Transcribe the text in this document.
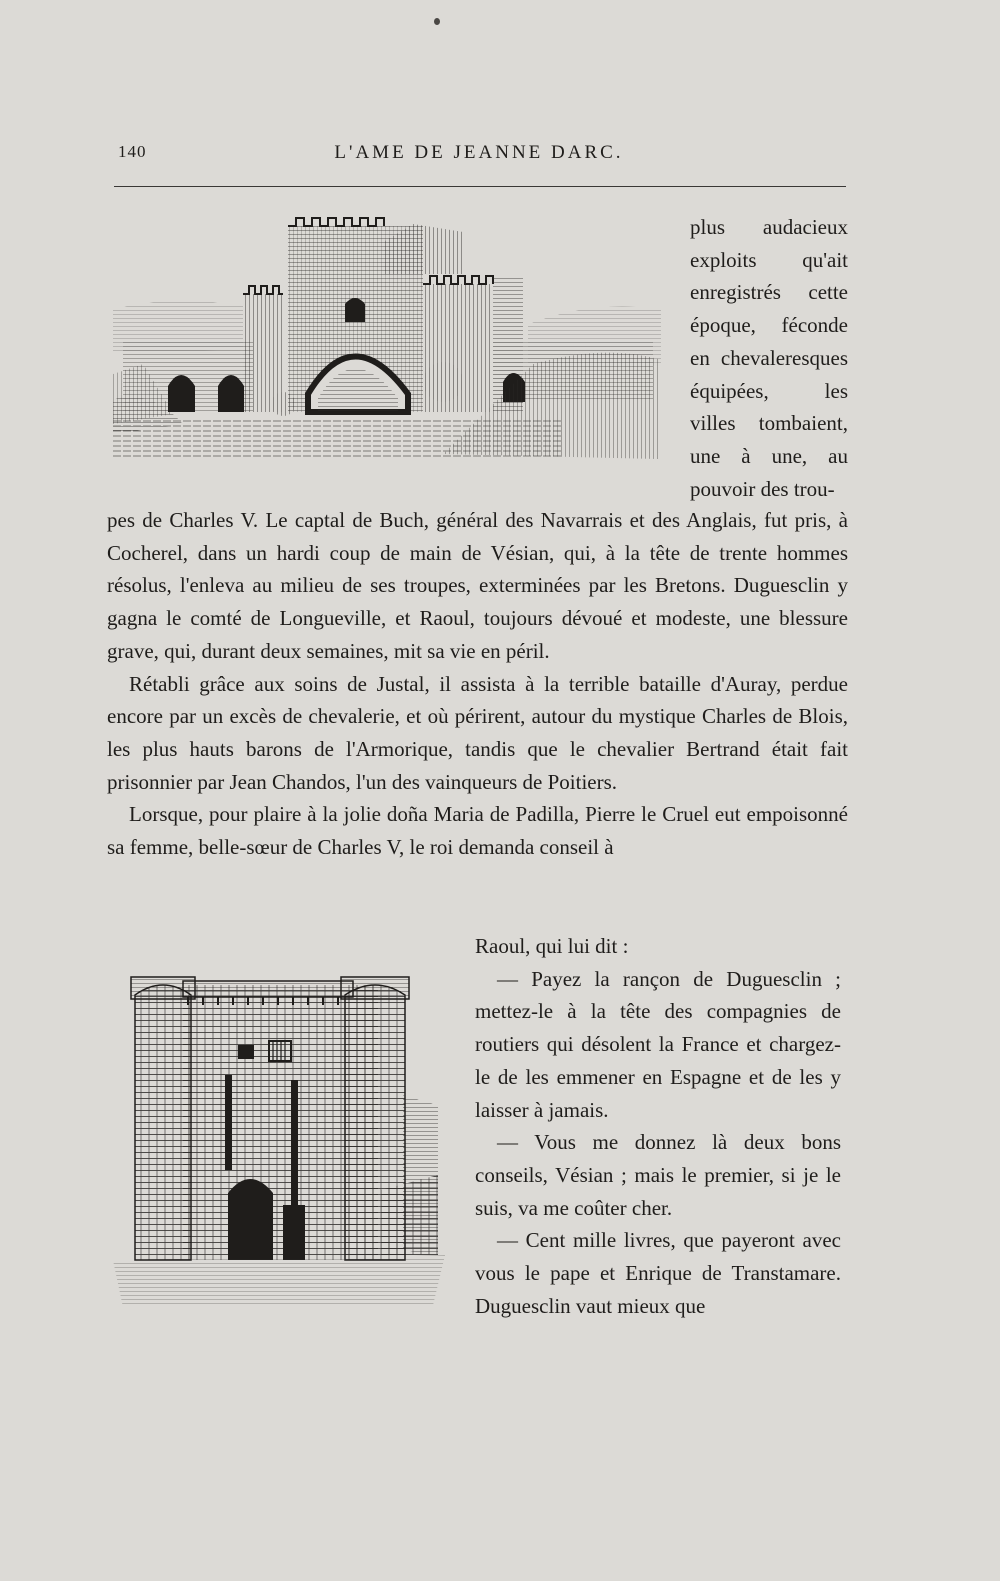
140	L'AME DE JEANNE DARC.
plus audacieux exploits qu'ait enregistrés cette époque, féconde en chevaleresques équipées, les villes tombaient, une à une, au pouvoir des trou-

pes de Charles V. Le captal de Buch, général des Navarrais et des Anglais, fut pris, à Cocherel, dans un hardi coup de main de Vésian, qui, à la tête de trente hommes résolus, l'enleva au milieu de ses troupes, exterminées par les Bretons. Duguesclin y gagna le comté de Longueville, et Raoul, toujours dévoué et modeste, une blessure grave, qui, durant deux semaines, mit sa vie en péril.

Rétabli grâce aux soins de Justal, il assista à la terrible bataille d'Auray, perdue encore par un excès de chevalerie, et où périrent, autour du mystique Charles de Blois, les plus hauts barons de l'Armorique, tandis que le chevalier Bertrand était fait prisonnier par Jean Chandos, l'un des vainqueurs de Poitiers.

Lorsque, pour plaire à la jolie doña Maria de Padilla, Pierre le Cruel eut empoisonné sa femme, belle-sœur de Charles V, le roi demanda conseil à

Raoul, qui lui dit :

— Payez la rançon de Duguesclin ; mettez-le à la tête des compagnies de routiers qui désolent la France et chargez-le de les emmener en Espagne et de les y laisser à jamais.

— Vous me donnez là deux bons conseils, Vésian ; mais le premier, si je le suis, va me coûter cher.

— Cent mille livres, que payeront avec vous le pape et Enrique de Transtamare. Duguesclin vaut mieux que
